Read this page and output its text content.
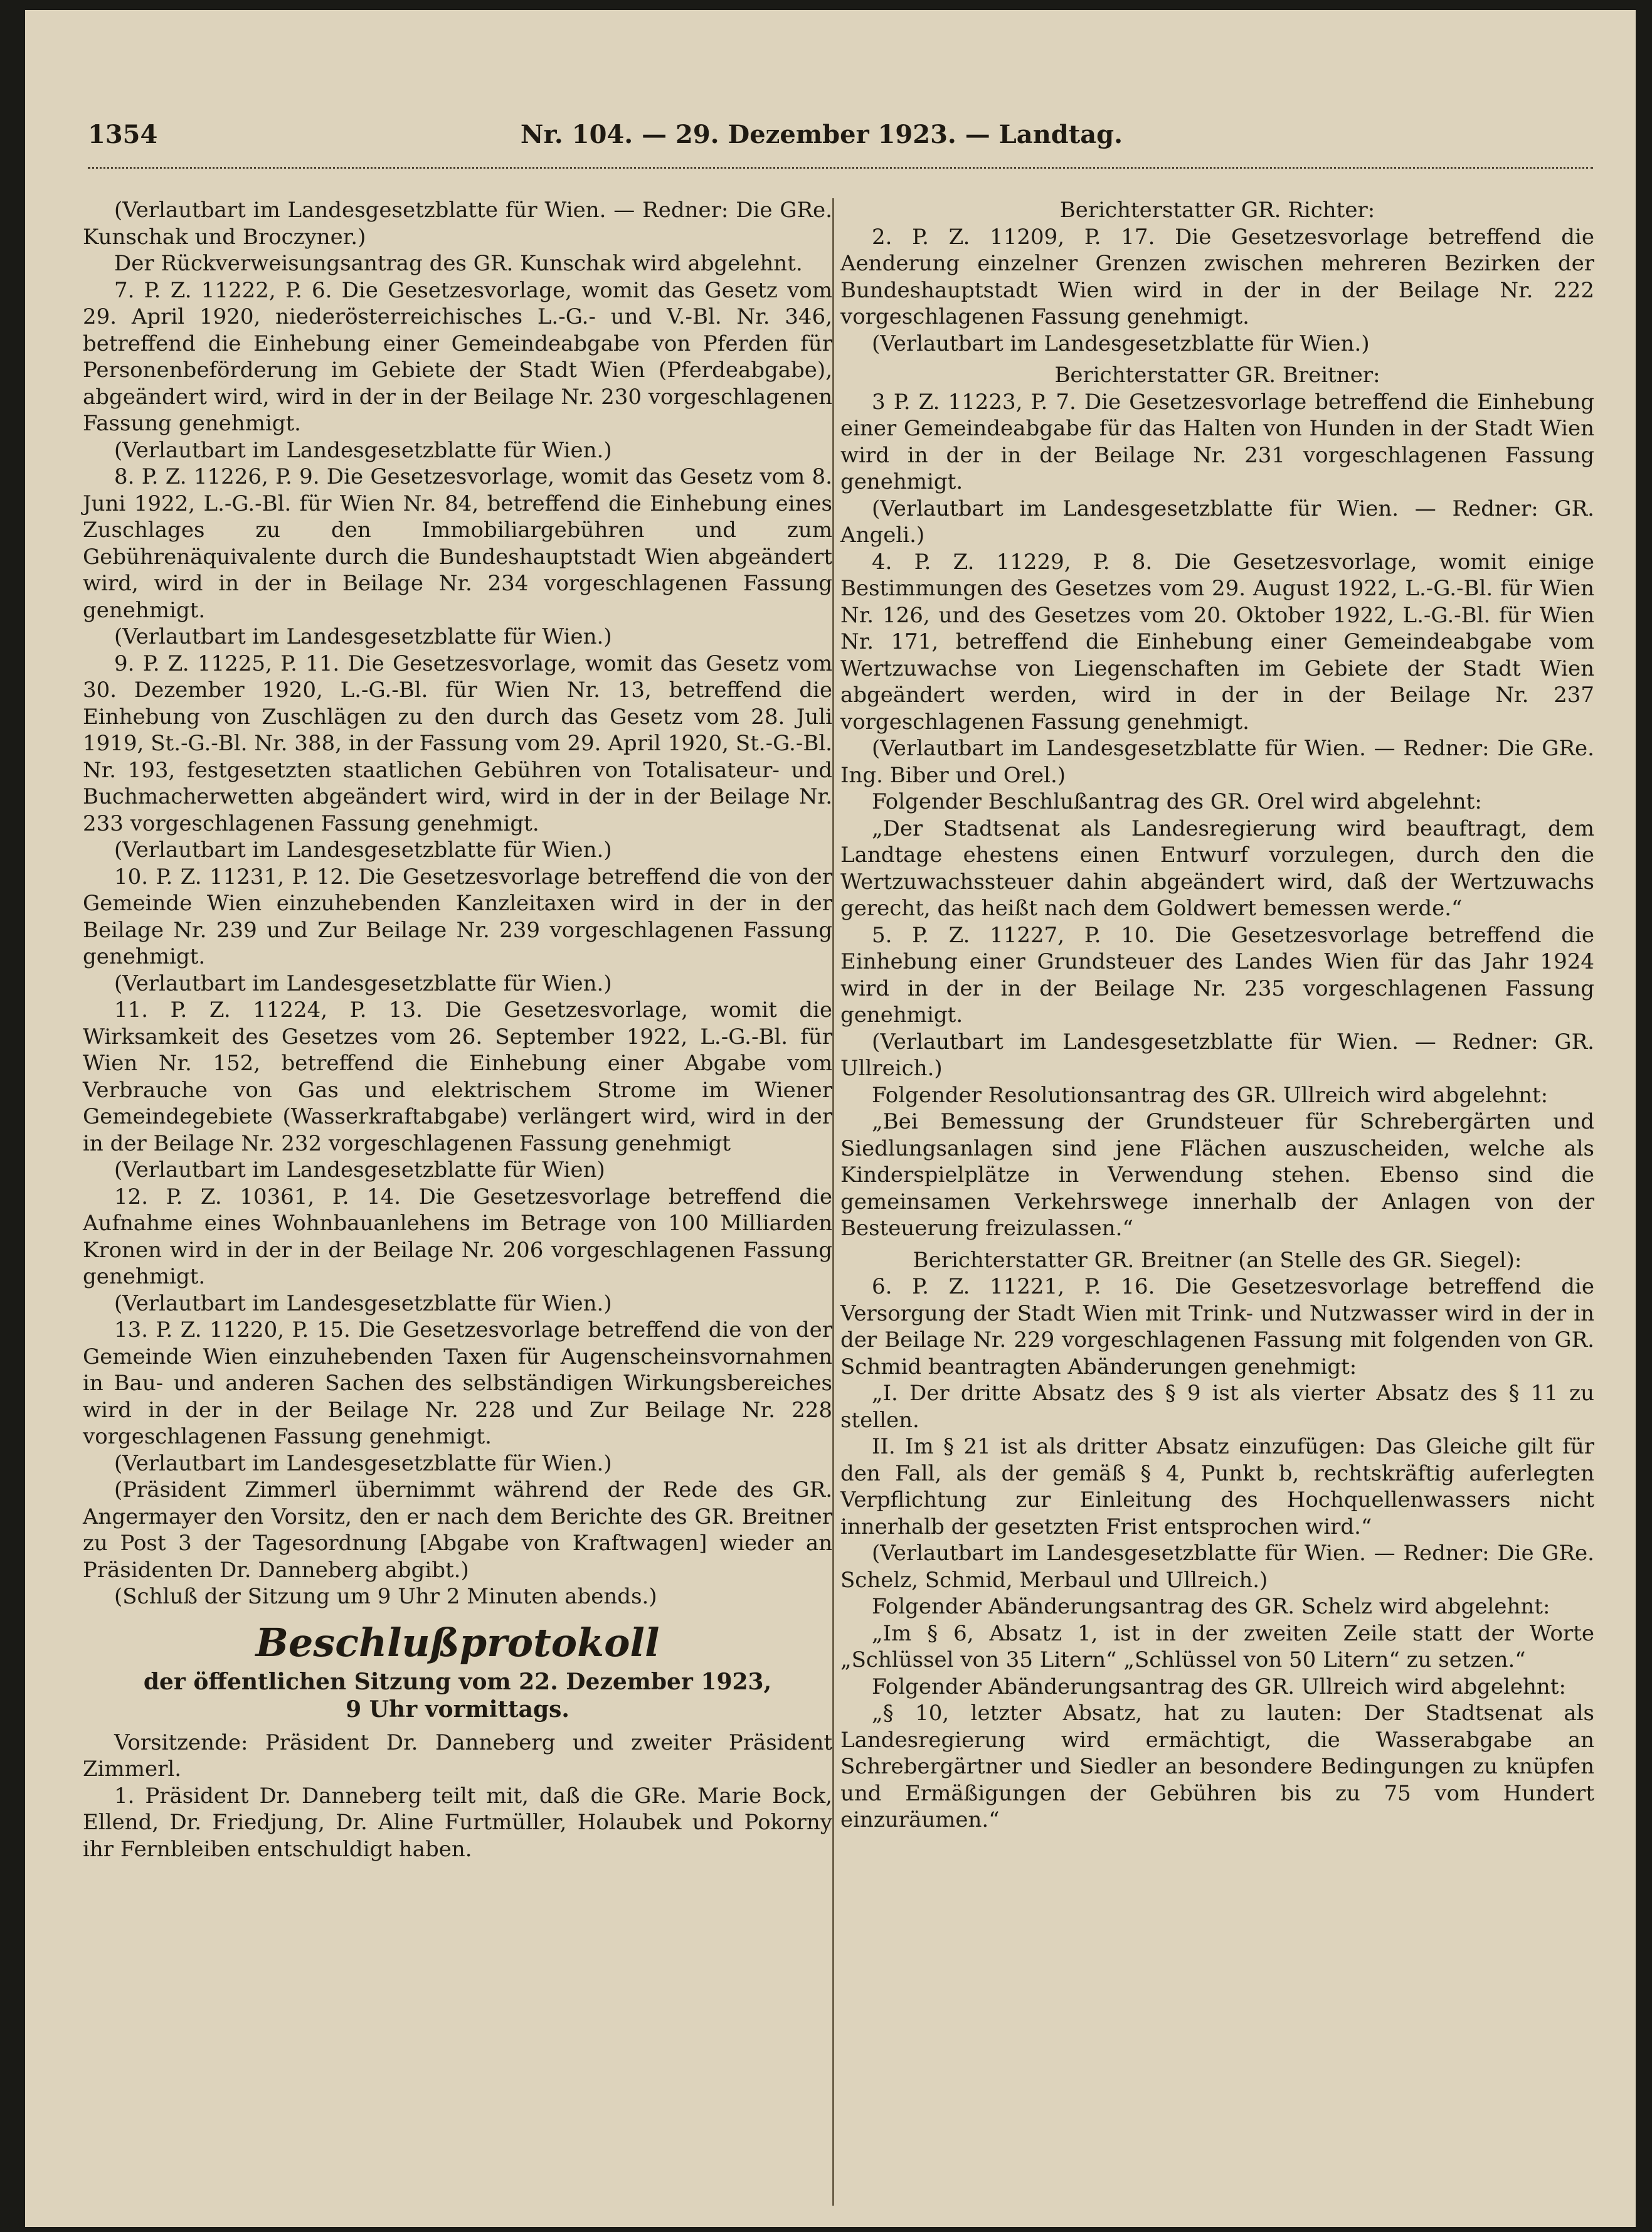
1354	Nr. 104. — 29. Dezember 1923. — Landtag.

(Verlautbart im Landesgesetzblatte für Wien. — Redner: Die GRe. Kunschak und Broczyner.)

Der Rückverweisungsantrag des GR. Kunschak wird abgelehnt.

7. P. Z. 11222, P. 6. Die Gesetzesvorlage, womit das Gesetz vom 29. April 1920, niederösterreichisches L.-G.- und V.-Bl. Nr. 346, betreffend die Einhebung einer Gemeindeabgabe von Pferden für Personenbeförderung im Gebiete der Stadt Wien (Pferdeabgabe), abgeändert wird, wird in der in der Beilage Nr. 230 vorgeschlagenen Fassung genehmigt.

(Verlautbart im Landesgesetzblatte für Wien.)

8. P. Z. 11226, P. 9. Die Gesetzesvorlage, womit das Gesetz vom 8. Juni 1922, L.-G.-Bl. für Wien Nr. 84, betreffend die Einhebung eines Zuschlages zu den Immobiliargebühren und zum Gebührenäquivalente durch die Bundeshauptstadt Wien abgeändert wird, wird in der in Beilage Nr. 234 vorgeschlagenen Fassung genehmigt.

(Verlautbart im Landesgesetzblatte für Wien.)

9. P. Z. 11225, P. 11. Die Gesetzesvorlage, womit das Gesetz vom 30. Dezember 1920, L.-G.-Bl. für Wien Nr. 13, betreffend die Einhebung von Zuschlägen zu den durch das Gesetz vom 28. Juli 1919, St.-G.-Bl. Nr. 388, in der Fassung vom 29. April 1920, St.-G.-Bl. Nr. 193, festgesetzten staatlichen Gebühren von Totalisateur- und Buchmacherwetten abgeändert wird, wird in der in der Beilage Nr. 233 vorgeschlagenen Fassung genehmigt.

(Verlautbart im Landesgesetzblatte für Wien.)

10. P. Z. 11231, P. 12. Die Gesetzesvorlage betreffend die von der Gemeinde Wien einzuhebenden Kanzleitaxen wird in der in der Beilage Nr. 239 und Zur Beilage Nr. 239 vorgeschlagenen Fassung genehmigt.

(Verlautbart im Landesgesetzblatte für Wien.)

11. P. Z. 11224, P. 13. Die Gesetzesvorlage, womit die Wirksamkeit des Gesetzes vom 26. September 1922, L.-G.-Bl. für Wien Nr. 152, betreffend die Einhebung einer Abgabe vom Verbrauche von Gas und elektrischem Strome im Wiener Gemeindegebiete (Wasserkraftabgabe) verlängert wird, wird in der in der Beilage Nr. 232 vorgeschlagenen Fassung genehmigt

(Verlautbart im Landesgesetzblatte für Wien)

12. P. Z. 10361, P. 14. Die Gesetzesvorlage betreffend die Aufnahme eines Wohnbauanlehens im Betrage von 100 Milliarden Kronen wird in der in der Beilage Nr. 206 vorgeschlagenen Fassung genehmigt.

(Verlautbart im Landesgesetzblatte für Wien.)

13. P. Z. 11220, P. 15. Die Gesetzesvorlage betreffend die von der Gemeinde Wien einzuhebenden Taxen für Augenscheinsvornahmen in Bau- und anderen Sachen des selbständigen Wirkungsbereiches wird in der in der Beilage Nr. 228 und Zur Beilage Nr. 228 vorgeschlagenen Fassung genehmigt.

(Verlautbart im Landesgesetzblatte für Wien.)

(Präsident Zimmerl übernimmt während der Rede des GR. Angermayer den Vorsitz, den er nach dem Berichte des GR. Breitner zu Post 3 der Tagesordnung [Abgabe von Kraftwagen] wieder an Präsidenten Dr. Danneberg abgibt.)

(Schluß der Sitzung um 9 Uhr 2 Minuten abends.)

Beschlußprotokoll
der öffentlichen Sitzung vom 22. Dezember 1923,
9 Uhr vormittags.

Vorsitzende: Präsident Dr. Danneberg und zweiter Präsident Zimmerl.

1. Präsident Dr. Danneberg teilt mit, daß die GRe. Marie Bock, Ellend, Dr. Friedjung, Dr. Aline Furtmüller, Holaubek und Pokorny ihr Fernbleiben entschuldigt haben.

Berichterstatter GR. Richter:

2. P. Z. 11209, P. 17. Die Gesetzesvorlage betreffend die Aenderung einzelner Grenzen zwischen mehreren Bezirken der Bundeshauptstadt Wien wird in der in der Beilage Nr. 222 vorgeschlagenen Fassung genehmigt.

(Verlautbart im Landesgesetzblatte für Wien.)

Berichterstatter GR. Breitner:

3 P. Z. 11223, P. 7. Die Gesetzesvorlage betreffend die Einhebung einer Gemeindeabgabe für das Halten von Hunden in der Stadt Wien wird in der in der Beilage Nr. 231 vorgeschlagenen Fassung genehmigt.

(Verlautbart im Landesgesetzblatte für Wien. — Redner: GR. Angeli.)

4. P. Z. 11229, P. 8. Die Gesetzesvorlage, womit einige Bestimmungen des Gesetzes vom 29. August 1922, L.-G.-Bl. für Wien Nr. 126, und des Gesetzes vom 20. Oktober 1922, L.-G.-Bl. für Wien Nr. 171, betreffend die Einhebung einer Gemeindeabgabe vom Wertzuwachse von Liegenschaften im Gebiete der Stadt Wien abgeändert werden, wird in der in der Beilage Nr. 237 vorgeschlagenen Fassung genehmigt.

(Verlautbart im Landesgesetzblatte für Wien. — Redner: Die GRe. Ing. Biber und Orel.)

Folgender Beschlußantrag des GR. Orel wird abgelehnt:

„Der Stadtsenat als Landesregierung wird beauftragt, dem Landtage ehestens einen Entwurf vorzulegen, durch den die Wertzuwachssteuer dahin abgeändert wird, daß der Wertzuwachs gerecht, das heißt nach dem Goldwert bemessen werde.“

5. P. Z. 11227, P. 10. Die Gesetzesvorlage betreffend die Einhebung einer Grundsteuer des Landes Wien für das Jahr 1924 wird in der in der Beilage Nr. 235 vorgeschlagenen Fassung genehmigt.

(Verlautbart im Landesgesetzblatte für Wien. — Redner: GR. Ullreich.)

Folgender Resolutionsantrag des GR. Ullreich wird abgelehnt:

„Bei Bemessung der Grundsteuer für Schrebergärten und Siedlungsanlagen sind jene Flächen auszuscheiden, welche als Kinderspielplätze in Verwendung stehen. Ebenso sind die gemeinsamen Verkehrswege innerhalb der Anlagen von der Besteuerung freizulassen.“

Berichterstatter GR. Breitner (an Stelle des GR. Siegel):

6. P. Z. 11221, P. 16. Die Gesetzesvorlage betreffend die Versorgung der Stadt Wien mit Trink- und Nutzwasser wird in der in der Beilage Nr. 229 vorgeschlagenen Fassung mit folgenden von GR. Schmid beantragten Abänderungen genehmigt:

„I. Der dritte Absatz des § 9 ist als vierter Absatz des § 11 zu stellen.

II. Im § 21 ist als dritter Absatz einzufügen: Das Gleiche gilt für den Fall, als der gemäß § 4, Punkt b, rechtskräftig auferlegten Verpflichtung zur Einleitung des Hochquellenwassers nicht innerhalb der gesetzten Frist entsprochen wird.“

(Verlautbart im Landesgesetzblatte für Wien. — Redner: Die GRe. Schelz, Schmid, Merbaul und Ullreich.)

Folgender Abänderungsantrag des GR. Schelz wird abgelehnt:

„Im § 6, Absatz 1, ist in der zweiten Zeile statt der Worte „Schlüssel von 35 Litern“ „Schlüssel von 50 Litern“ zu setzen.“

Folgender Abänderungsantrag des GR. Ullreich wird abgelehnt:

„§ 10, letzter Absatz, hat zu lauten: Der Stadtsenat als Landesregierung wird ermächtigt, die Wasserabgabe an Schrebergärtner und Siedler an besondere Bedingungen zu knüpfen und Ermäßigungen der Gebühren bis zu 75 vom Hundert einzuräumen.“
